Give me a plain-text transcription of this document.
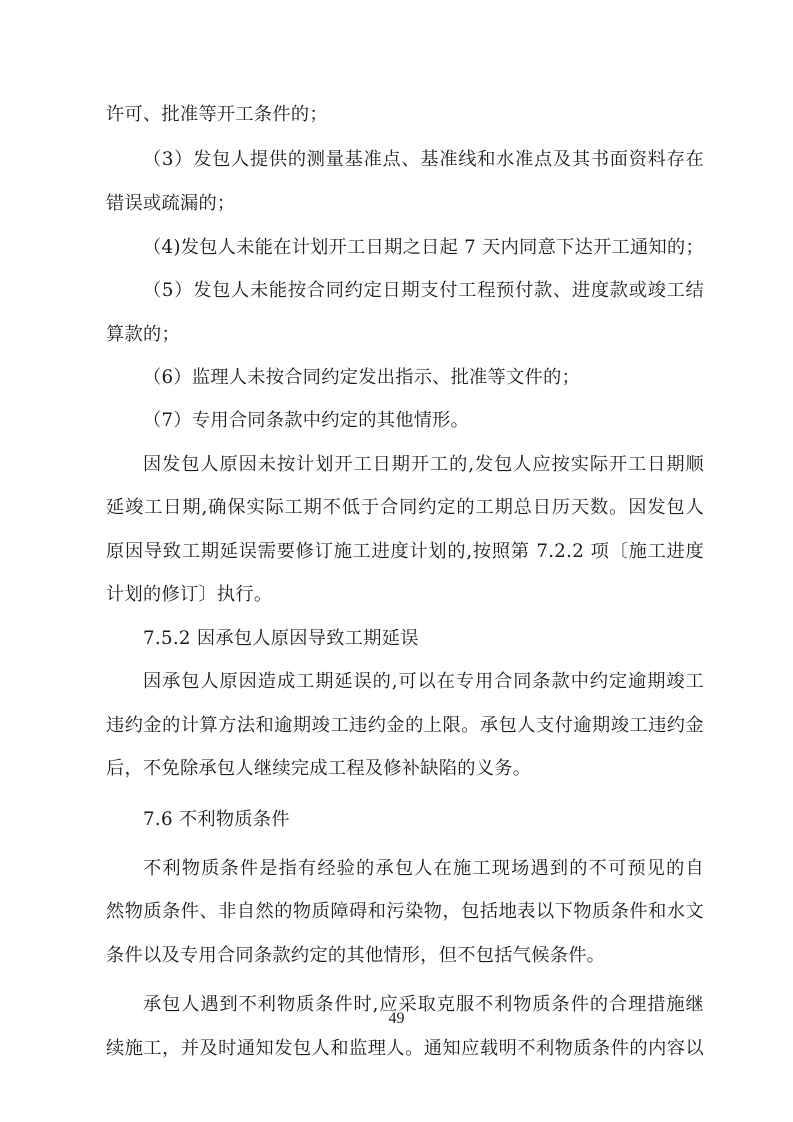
许可、批准等开工条件的；
（3）发包人提供的测量基准点、基准线和水准点及其书面资料存在
错误或疏漏的；
（4)发包人未能在计划开工日期之日起 7 天内同意下达开工通知的；
（5）发包人未能按合同约定日期支付工程预付款、进度款或竣工结
算款的；
（6）监理人未按合同约定发出指示、批准等文件的；
（7）专用合同条款中约定的其他情形。
因发包人原因未按计划开工日期开工的,发包人应按实际开工日期顺
延竣工日期,确保实际工期不低于合同约定的工期总日历天数。因发包人
原因导致工期延误需要修订施工进度计划的,按照第 7.2.2 项〔施工进度
计划的修订〕执行。
7.5.2 因承包人原因导致工期延误
因承包人原因造成工期延误的,可以在专用合同条款中约定逾期竣工
违约金的计算方法和逾期竣工违约金的上限。承包人支付逾期竣工违约金
后，不免除承包人继续完成工程及修补缺陷的义务。
7.6 不利物质条件
不利物质条件是指有经验的承包人在施工现场遇到的不可预见的自
然物质条件、非自然的物质障碍和污染物，包括地表以下物质条件和水文
条件以及专用合同条款约定的其他情形，但不包括气候条件。
承包人遇到不利物质条件时,应采取克服不利物质条件的合理措施继
续施工，并及时通知发包人和监理人。通知应载明不利物质条件的内容以
49
